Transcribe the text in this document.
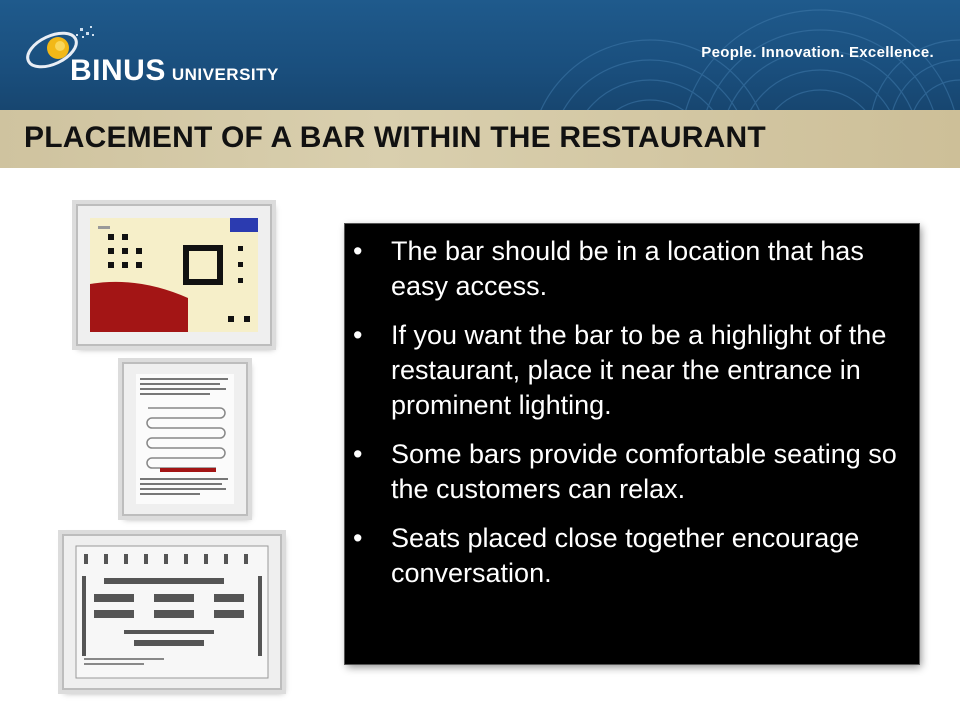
BINUS UNIVERSITY
People. Innovation. Excellence.
PLACEMENT OF A BAR WITHIN THE RESTAURANT
• The bar should be in a location that has easy access.
• If you want the bar to be a highlight of the restaurant, place it near the entrance in prominent lighting.
• Some bars provide comfortable seating so the customers can relax.
• Seats placed close together encourage conversation.
